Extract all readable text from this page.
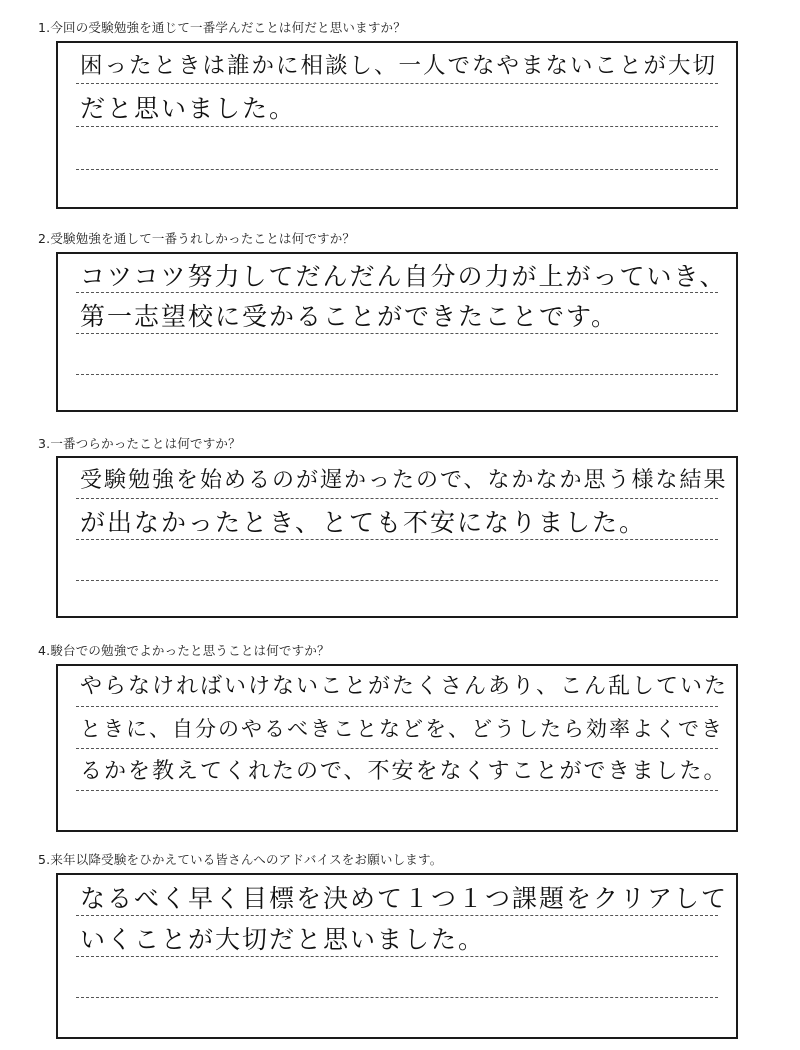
1.今回の受験勉強を通じて一番学んだことは何だと思いますか？
困ったときは誰かに相談し、一人でなやまないことが大切
だと思いました。
2.受験勉強を通して一番うれしかったことは何ですか？
コツコツ努力してだんだん自分の力が上がっていき、
第一志望校に受かることができたことです。
3.一番つらかったことは何ですか？
受験勉強を始めるのが遅かったので、なかなか思う様な結果
が出なかったとき、とても不安になりました。
4.駿台での勉強でよかったと思うことは何ですか？
やらなければいけないことがたくさんあり、こん乱していた
ときに、自分のやるべきことなどを、どうしたら効率よくでき
るかを教えてくれたので、不安をなくすことができました。
5.来年以降受験をひかえている皆さんへのアドバイスをお願いします。
なるべく早く目標を決めて１つ１つ課題をクリアして
いくことが大切だと思いました。
